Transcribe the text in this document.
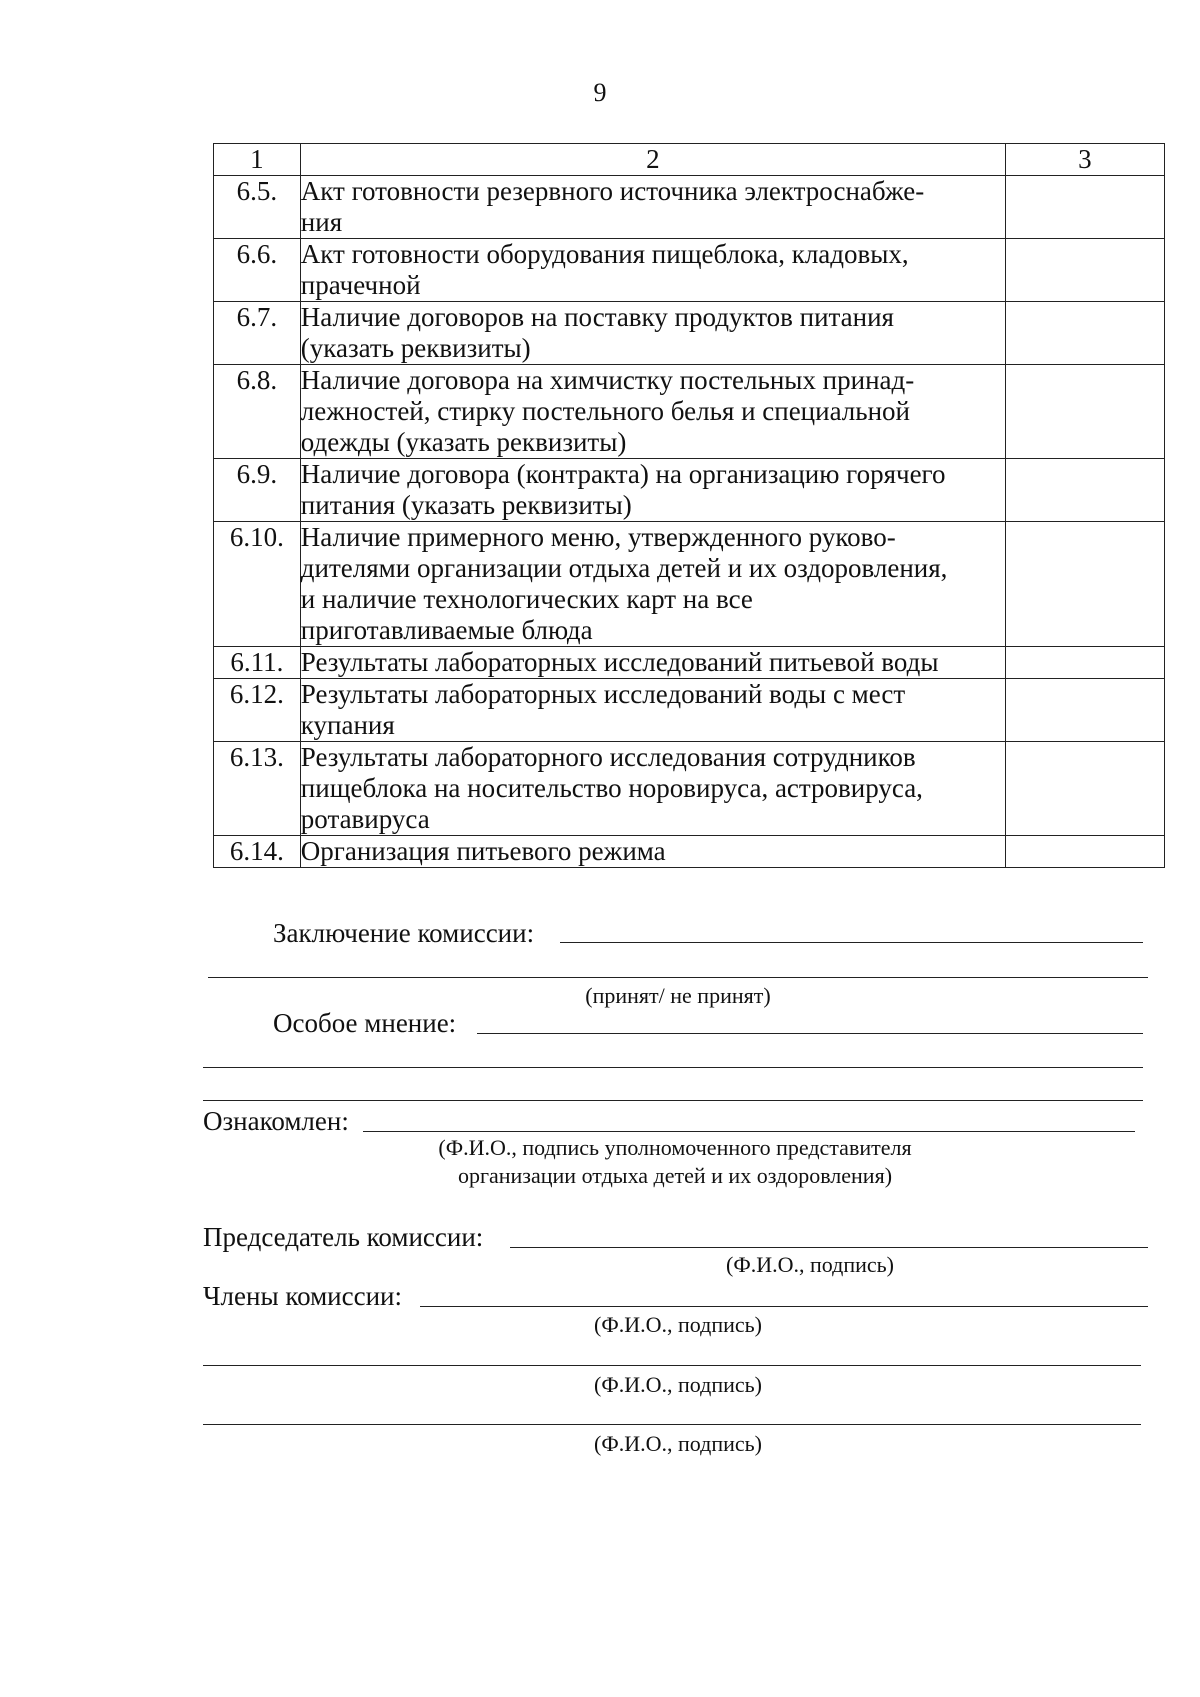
9
1	2	3
6.5.	Акт готовности резервного источника электроснабже-
ния	
6.6.	Акт готовности оборудования пищеблока, кладовых,
прачечной	
6.7.	Наличие договоров на поставку продуктов питания
(указать реквизиты)	
6.8.	Наличие договора на химчистку постельных принад-
лежностей, стирку постельного белья и специальной
одежды (указать реквизиты)	
6.9.	Наличие договора (контракта) на организацию горячего
питания (указать реквизиты)	
6.10.	Наличие примерного меню, утвержденного руково-
дителями организации отдыха детей и их оздоровления,
и наличие технологических карт на все
приготавливаемые блюда	
6.11.	Результаты лабораторных исследований питьевой воды	
6.12.	Результаты лабораторных исследований воды с мест
купания	
6.13.	Результаты лабораторного исследования сотрудников
пищеблока на носительство норовируса, астровируса,
ротавируса	
6.14.	Организация питьевого режима	
Заключение комиссии:
(принят/ не принят)
Особое мнение:
Ознакомлен:
(Ф.И.О., подпись уполномоченного представителя
организации отдыха детей и их оздоровления)
Председатель комиссии:
(Ф.И.О., подпись)
Члены комиссии:
(Ф.И.О., подпись)
(Ф.И.О., подпись)
(Ф.И.О., подпись)
